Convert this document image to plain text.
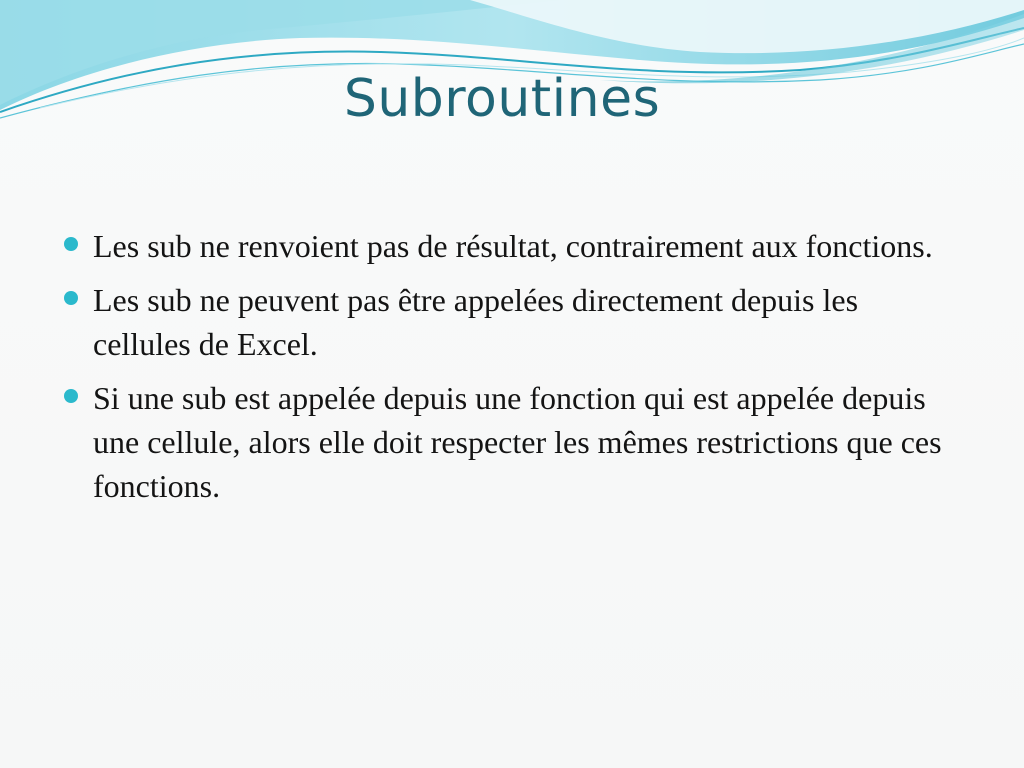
Subroutines
Les sub ne renvoient pas de résultat, contrairement aux fonctions.
Les sub ne peuvent pas être appelées directement depuis les cellules de Excel.
Si une sub est appelée depuis une fonction qui est appelée depuis une cellule, alors elle doit respecter les mêmes restrictions que ces fonctions.
